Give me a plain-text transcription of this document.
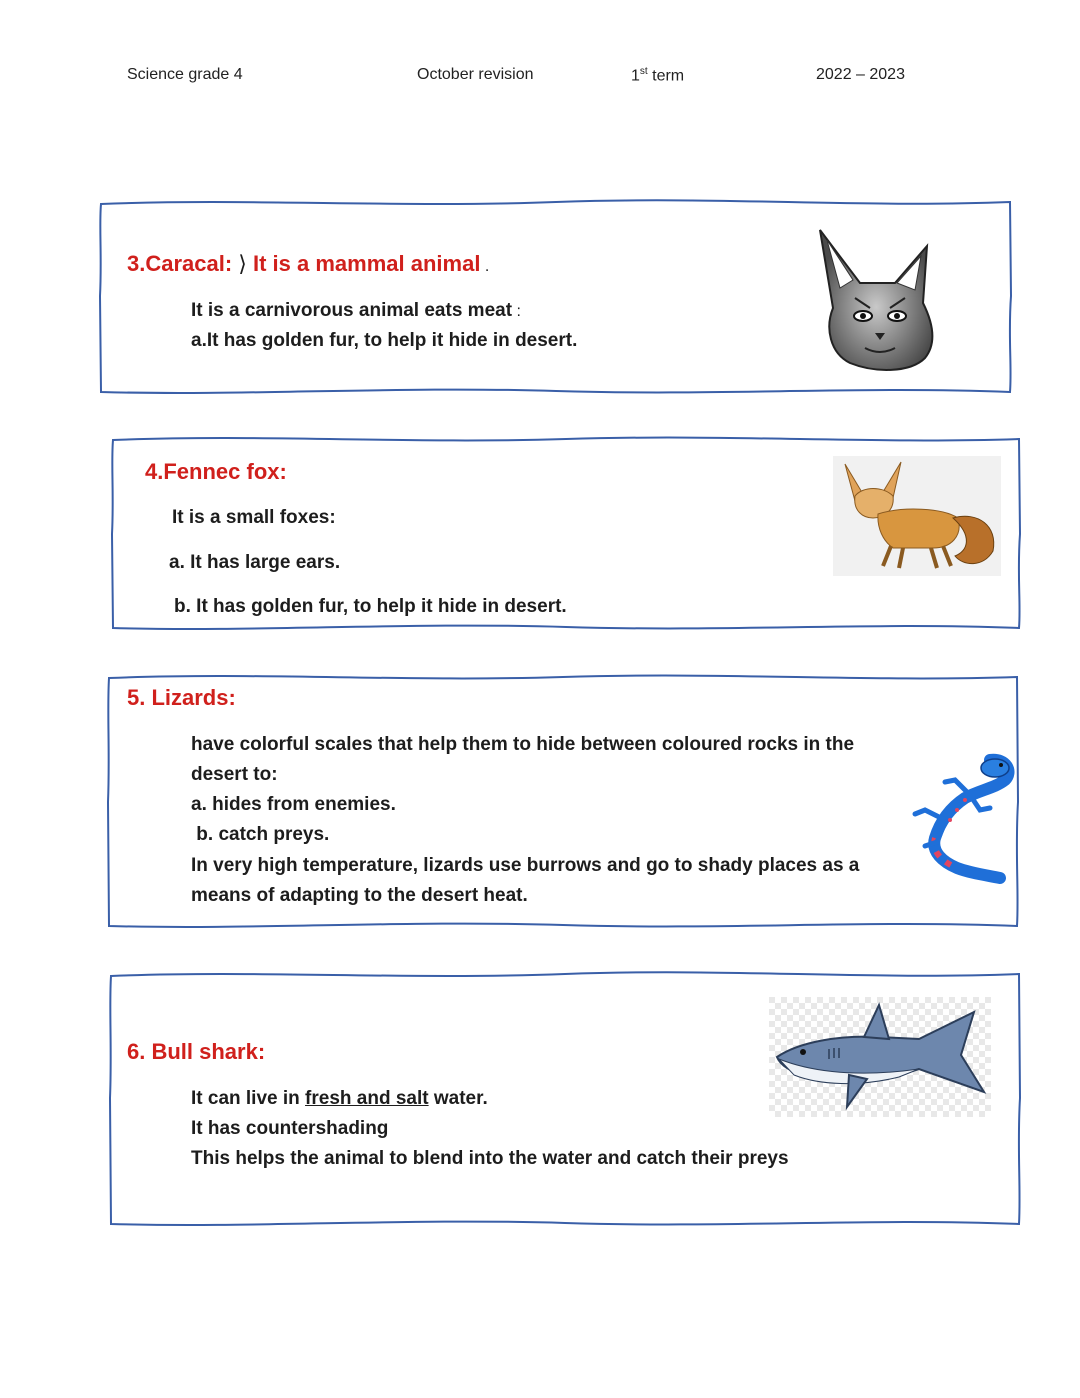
Science grade 4	October revision	1st term	2022 – 2023
3.Caracal: ⟩ It is a mammal animal .
It is a carnivorous animal eats meat :
a.It has golden fur, to help it hide in desert.
4.Fennec fox:
It is a small foxes:
a. It has large ears.
b. It has golden fur, to help it hide in desert.
5. Lizards:
have colorful scales that help them to hide between coloured rocks in the
desert to:
a. hides from enemies.
b. catch preys.
In very high temperature, lizards use burrows and go to shady places as a
means of adapting to the desert heat.
6. Bull shark:
It can live in fresh and salt water.
It has countershading
This helps the animal to blend into the water and catch their preys
